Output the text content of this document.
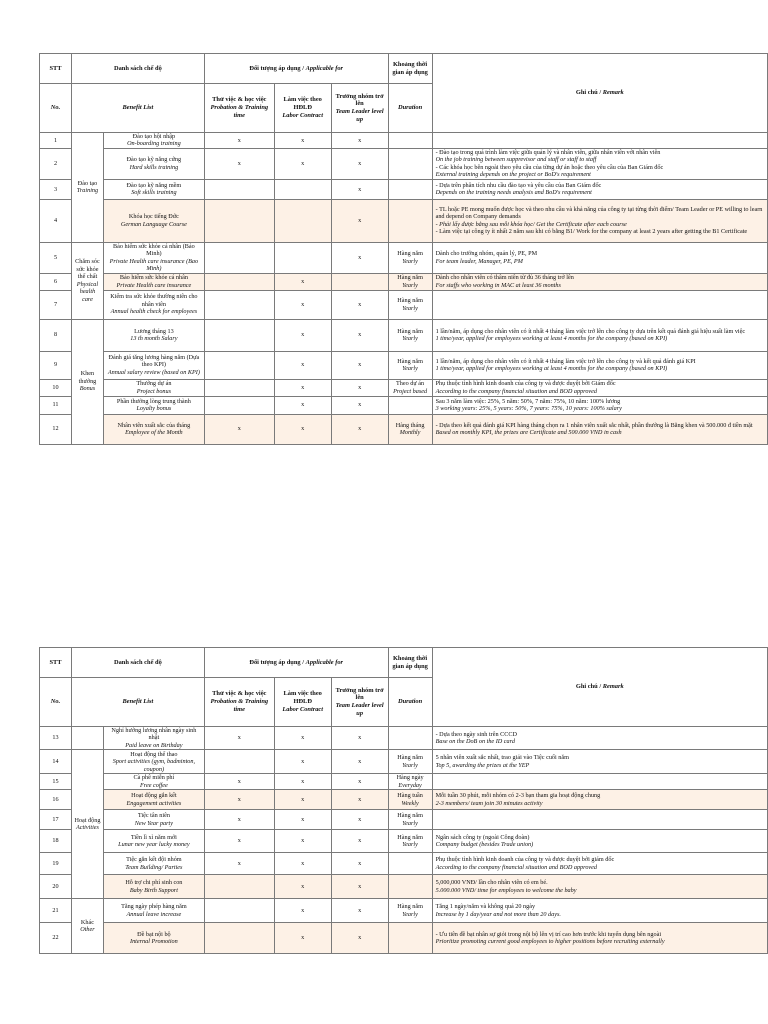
STT	Danh sách chế độ		Đối tượng áp dụng / Applicable for			Khoảng thời gian áp dụng	Ghi chú / Remark
No.	Benefit List		Thử việc & học việc
Probation & Training time	Làm việc theo HĐLĐ
Labor Contract	Trưởng nhóm trở lên
Team Leader level up	Duration	
1	Đào tạo
Training	Đào tạo hội nhập
On-boarding training	x	x	x	

2		Đào tạo kỹ năng cứng
Hard skills training	x	x	x		- Đào tạo trong quá trình làm việc giữa quản lý và nhân viên, giữa nhân viên với nhân viên
On the job training between supprevisor and staff or staff to staff
- Các khóa học bên ngoài theo yêu cầu của từng dự án hoặc theo yêu cầu của Ban Giám đốc
External training depends on the project or BoD's requirement

3		Đào tạo kỹ năng mềm
Soft skills training			x		- Dựa trên phân tích nhu cầu đào tạo và yêu cầu của Ban Giám đốc
Depends on the training needs analysis and BoD's requirement

4		Khóa học tiếng Đức
German Language Course			x		- TL hoặc PE mong muốn được học và theo nhu cầu và khả năng của công ty tại từng thời điểm/ Team Leader or PE willing to learn and depend on Company demands
- Phải lấy được bằng sau mỗi khóa học/ Get the Certificate after each course
- Làm việc tại công ty ít nhất 2 năm sau khi có bằng B1/ Work for the company at least 2 years after getting the B1 Certificate

5	Chăm sóc sức khỏe thể chất
Physical health care	Bảo hiểm sức khỏe cá nhân (Bảo Minh)
Private Health care insurance (Bao Minh)			x	Hàng năm
Yearly	Dành cho trưởng nhóm, quản lý, PE, PM
For team leader, Manager, PE, PM

6		Bảo hiểm sức khỏe cá nhân
Private Health care insurance		x		Hàng năm
Yearly	Dành cho nhân viên có thâm niên từ đủ 36 tháng trở lên
For staffs who working in MAC at least 36 months

7		Kiểm tra sức khỏe thường niên cho nhân viên
Annual health check for employees		x	x	Hàng năm
Yearly	

8	Khen thưởng
Bonus	Lương tháng 13
13 th month Salary		x	x	Hàng năm
Yearly	1 lần/năm, áp dụng cho nhân viên có ít nhất 4 tháng làm việc trở lên cho công ty dựa trên kết quả đánh giá hiệu suất làm việc
1 time/year, applied for employees working at least 4 months for the company (based on KPI)

9		Đánh giá tăng lương hàng năm (Dựa theo KPI)
Annual salary review (based on KPI)		x	x	Hàng năm
Yearly	1 lần/năm, áp dụng cho nhân viên có ít nhất 4 tháng làm việc trở lên cho công ty và kết quả đánh giá KPI
1 time/year, applied for employees working at least 4 months for the company (based on KPI)

10		Thưởng dự án
Project bonus		x	x	Theo dự án
Project based	Phụ thuộc tình hình kinh doanh của công ty và được duyệt bởi Giám đốc
According to the company financial situation and BOD approved

11		Phần thưởng lòng trung thành
Loyalty bonus		x	x		Sau 3 năm làm việc: 25%, 5 năm: 50%, 7 năm: 75%, 10 năm: 100% lương
3 working years: 25%, 5 years: 50%, 7 years: 75%, 10 years: 100% salary

12		Nhân viên xuất sắc của tháng
Employee of the Month	x	x	x	Hàng tháng
Monthly	- Dựa theo kết quả đánh giá KPI hàng tháng chọn ra 1 nhân viên xuất sắc nhất, phần thưởng là Bằng khen và 500.000 đ tiền mặt
Based on monthly KPI, the prizes are Certificate and 500.000 VND in cash
STT	Danh sách chế độ		Đối tượng áp dụng / Applicable for			Khoảng thời gian áp dụng	Ghi chú / Remark
No.	Benefit List		Thử việc & học việc
Probation & Training time	Làm việc theo HĐLĐ
Labor Contract	Trưởng nhóm trở lên
Team Leader level up	Duration	
13		Nghỉ hưởng lương nhân ngày sinh nhật
Paid leave on Birthday	x	x	x		- Dựa theo ngày sinh trên CCCD
Base on the DoB on the ID card

14	Hoạt động
Activities	Hoạt động thể thao
Sport activities (gym, badminton, coupon)		x	x	Hàng năm
Yearly	5 nhân viên xuất sắc nhất, trao giải vào Tiệc cuối năm
Top 5, awarding the prizes at the YEP

15		Cà phê miễn phí
Free coffee	x	x	x	Hàng ngày
Everyday	

16		Hoạt động gắn kết
Engagement activities	x	x	x	Hàng tuần
Weekly	Mỗi tuần 30 phút, mỗi nhóm có 2-3 bạn tham gia hoạt động chung
2-3 members/ team join 30 minutes activity

17		Tiệc tân niên
New Year party	x	x	x	Hàng năm
Yearly	

18		Tiền lì xì năm mới
Lunar new year lucky money	x	x	x	Hàng năm
Yearly	Ngân sách công ty (ngoài Công đoàn)
Company budget (besides Trade union)

19		Tiệc gắn kết đội nhóm
Team Building/ Parties	x	x	x		Phụ thuộc tình hình kinh doanh của công ty và được duyệt bởi giám đốc
According to the company financial situation and BOD approved

20		Hỗ trợ chi phí sinh con
Baby Birth Support		x	x		5,000,000 VNĐ/ lần cho nhân viên có em bé.
5.000.000 VND/ time for employees to welcome the baby

21	Khác
Other	Tăng ngày phép hàng năm
Annual leave increase		x	x	Hàng năm
Yearly	Tăng 1 ngày/năm và không quá 20 ngày
Increase by 1 day/year and not more than 20 days.

22		Đề bạt nội bộ
Internal Promotion		x	x		- Ưu tiên đề bạt nhân sự giỏi trong nội bộ lên vị trí cao hơn trước khi tuyển dụng bên ngoài
Prioritize promoting current good employees to higher positions before recruiting externally
